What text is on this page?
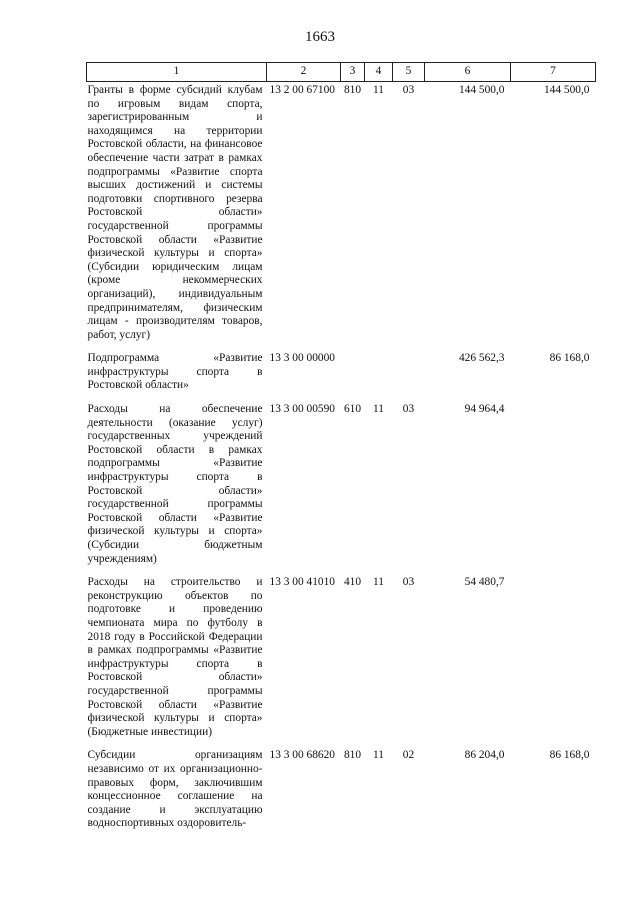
1663
1	2	3	4	5	6	7
Гранты в форме субсидий клубам по игровым видам спорта, зарегистрированным и находящимся на территории Ростовской области, на финансовое обеспечение части затрат в рамках подпрограммы «Развитие спорта высших достижений и системы подготовки спортивного резерва Ростовской области» государственной программы Ростовской области «Развитие физической культуры и спорта» (Субсидии юридическим лицам (кроме некоммерческих организаций), индивидуальным предпринимателям, физическим лицам - производителям товаров, работ, услуг)	13 2 00 67100	810	11	03	144 500,0	144 500,0
Подпрограмма «Развитие инфраструктуры спорта в Ростовской области»	13 3 00 00000				426 562,3	86 168,0
Расходы на обеспечение деятельности (оказание услуг) государственных учреждений Ростовской области в рамках подпрограммы «Развитие инфраструктуры спорта в Ростовской области» государственной программы Ростовской области «Развитие физической культуры и спорта» (Субсидии бюджетным учреждениям)	13 3 00 00590	610	11	03	94 964,4	
Расходы на строительство и реконструкцию объектов по подготовке и проведению чемпионата мира по футболу в 2018 году в Российской Федерации в рамках подпрограммы «Развитие инфраструктуры спорта в Ростовской области» государственной программы Ростовской области «Развитие физической культуры и спорта» (Бюджетные инвестиции)	13 3 00 41010	410	11	03	54 480,7	
Субсидии организациям независимо от их организационно-правовых форм, заключившим концессионное соглашение на создание и эксплуатацию водноспортивных оздоровитель-	13 3 00 68620	810	11	02	86 204,0	86 168,0
